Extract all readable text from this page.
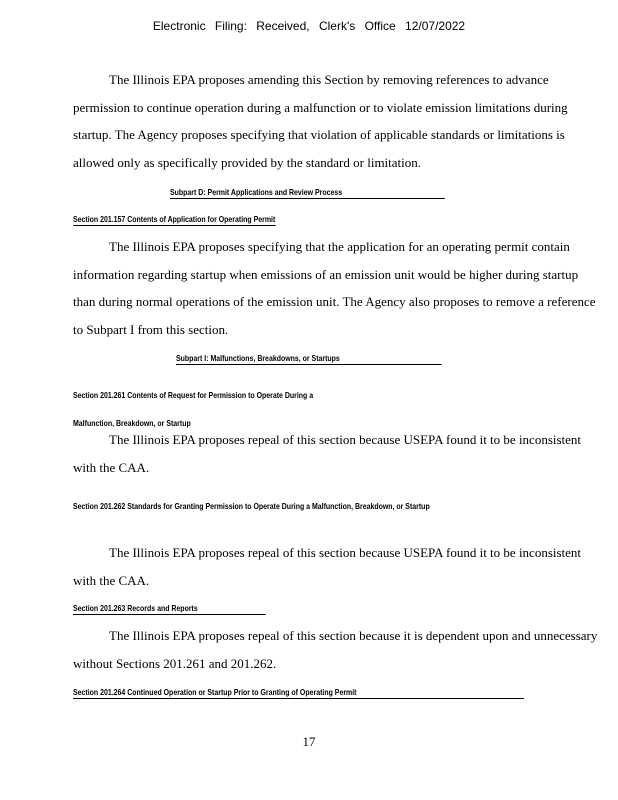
Electronic Filing: Received, Clerk's Office 12/07/2022

The Illinois EPA proposes amending this Section by removing references to advance permission to continue operation during a malfunction or to violate emission limitations during startup. The Agency proposes specifying that violation of applicable standards or limitations is allowed only as specifically provided by the standard or limitation.

Subpart D: Permit Applications and Review Process
Section 201.157 Contents of Application for Operating Permit

The Illinois EPA proposes specifying that the application for an operating permit contain information regarding startup when emissions of an emission unit would be higher during startup than during normal operations of the emission unit. The Agency also proposes to remove a reference to Subpart I from this section.

Subpart I: Malfunctions, Breakdowns, or Startups
Section 201.261 Contents of Request for Permission to Operate During a Malfunction, Breakdown, or Startup

The Illinois EPA proposes repeal of this section because USEPA found it to be inconsistent with the CAA.

Section 201.262 Standards for Granting Permission to Operate During a Malfunction, Breakdown, or Startup

The Illinois EPA proposes repeal of this section because USEPA found it to be inconsistent with the CAA.

Section 201.263 Records and Reports

The Illinois EPA proposes repeal of this section because it is dependent upon and unnecessary without Sections 201.261 and 201.262.

Section 201.264 Continued Operation or Startup Prior to Granting of Operating Permit
17
